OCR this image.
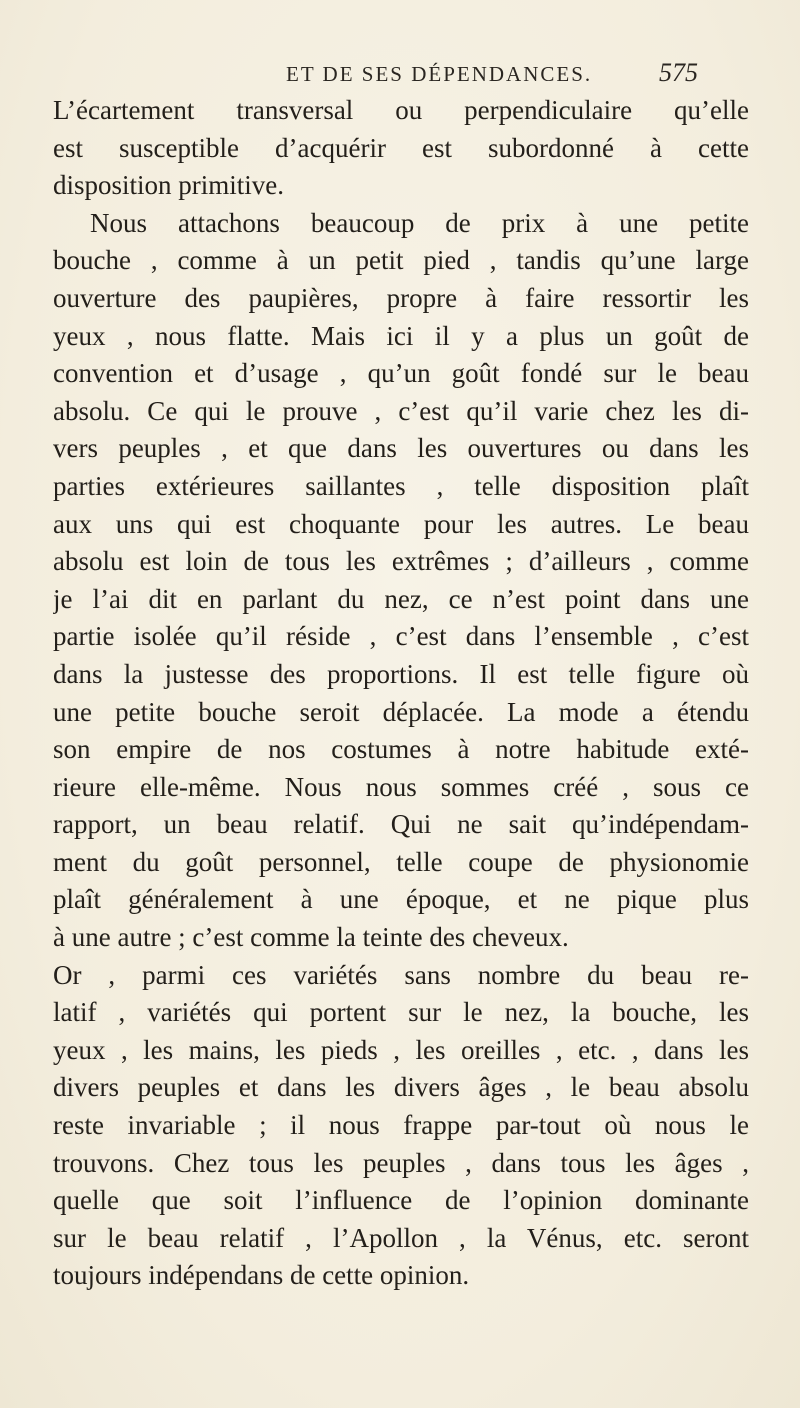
ET DE SES DÉPENDANCES.	575
L’écartement transversal ou perpendiculaire qu’elle
est susceptible d’acquérir est subordonné à cette
disposition primitive.
Nous attachons beaucoup de prix à une petite
bouche , comme à un petit pied , tandis qu’une large
ouverture des paupières, propre à faire ressortir les
yeux , nous flatte. Mais ici il y a plus un goût de
convention et d’usage , qu’un goût fondé sur le beau
absolu. Ce qui le prouve , c’est qu’il varie chez les di-
vers peuples , et que dans les ouvertures ou dans les
parties extérieures saillantes , telle disposition plaît
aux uns qui est choquante pour les autres. Le beau
absolu est loin de tous les extrêmes ; d’ailleurs , comme
je l’ai dit en parlant du nez, ce n’est point dans une
partie isolée qu’il réside , c’est dans l’ensemble , c’est
dans la justesse des proportions. Il est telle figure où
une petite bouche seroit déplacée. La mode a étendu
son empire de nos costumes à notre habitude exté-
rieure elle-même. Nous nous sommes créé , sous ce
rapport, un beau relatif. Qui ne sait qu’indépendam-
ment du goût personnel, telle coupe de physionomie
plaît généralement à une époque, et ne pique plus
à une autre ; c’est comme la teinte des cheveux.
Or , parmi ces variétés sans nombre du beau re-
latif , variétés qui portent sur le nez, la bouche, les
yeux , les mains, les pieds , les oreilles , etc. , dans les
divers peuples et dans les divers âges , le beau absolu
reste invariable ; il nous frappe par-tout où nous le
trouvons. Chez tous les peuples , dans tous les âges ,
quelle que soit l’influence de l’opinion dominante
sur le beau relatif , l’Apollon , la Vénus, etc. seront
toujours indépendans de cette opinion.
